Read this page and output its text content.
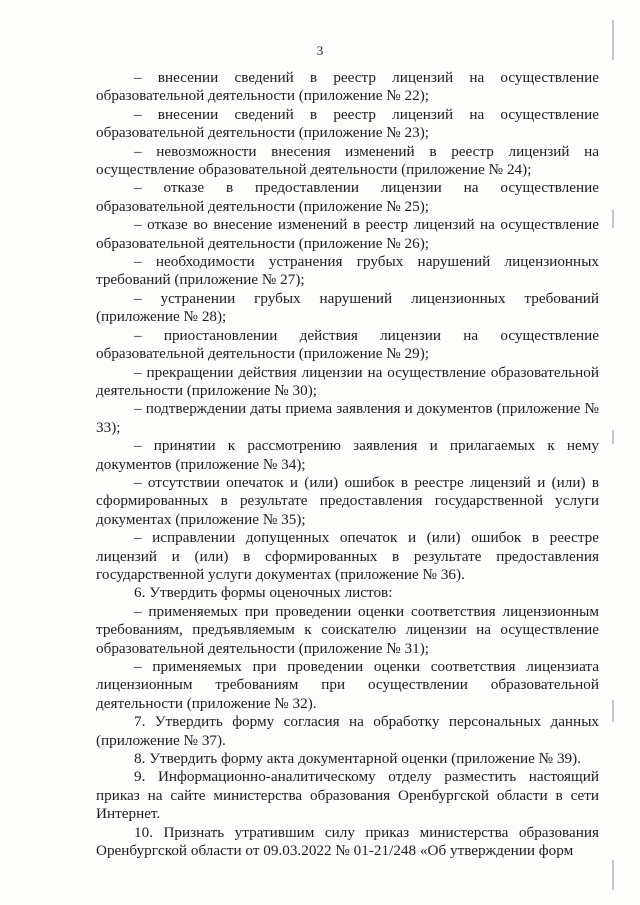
3

– внесении сведений в реестр лицензий на осуществление образовательной деятельности (приложение № 22);

– внесении сведений в реестр лицензий на осуществление образовательной деятельности (приложение № 23);

– невозможности внесения изменений в реестр лицензий на осуществление образовательной деятельности (приложение № 24);

– отказе в предоставлении лицензии на осуществление образовательной деятельности (приложение № 25);

– отказе во внесение изменений в реестр лицензий на осуществление образовательной деятельности (приложение № 26);

– необходимости устранения грубых нарушений лицензионных требований (приложение № 27);

– устранении грубых нарушений лицензионных требований (приложение № 28);

– приостановлении действия лицензии на осуществление образовательной деятельности (приложение № 29);

– прекращении действия лицензии на осуществление образовательной деятельности (приложение № 30);

– подтверждении даты приема заявления и документов (приложение № 33);

– принятии к рассмотрению заявления и прилагаемых к нему документов (приложение № 34);

– отсутствии опечаток и (или) ошибок в реестре лицензий и (или) в сформированных в результате предоставления государственной услуги документах (приложение № 35);

– исправлении допущенных опечаток и (или) ошибок в реестре лицензий и (или) в сформированных в результате предоставления государственной услуги документах (приложение № 36).

6. Утвердить формы оценочных листов:

– применяемых при проведении оценки соответствия лицензионным требованиям, предъявляемым к соискателю лицензии на осуществление образовательной деятельности (приложение № 31);

– применяемых при проведении оценки соответствия лицензиата лицензионным требованиям при осуществлении образовательной деятельности (приложение № 32).

7. Утвердить форму согласия на обработку персональных данных (приложение № 37).

8. Утвердить форму акта документарной оценки (приложение № 39).

9. Информационно-аналитическому отделу разместить настоящий приказ на сайте министерства образования Оренбургской области в сети Интернет.

10. Признать утратившим силу приказ министерства образования Оренбургской области от 09.03.2022 № 01-21/248 «Об утверждении форм
